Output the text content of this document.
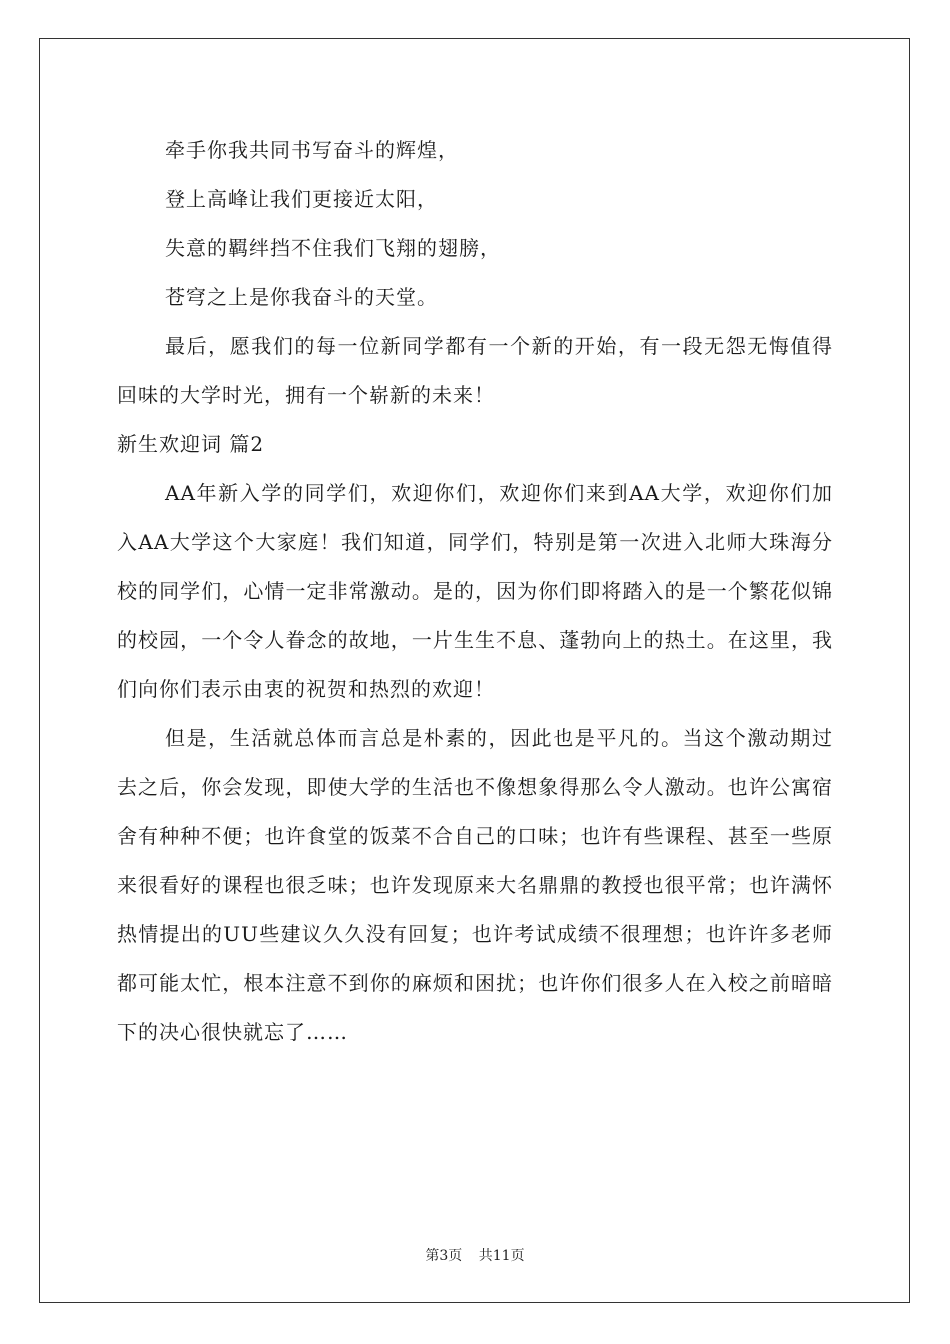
牵手你我共同书写奋斗的辉煌，

登上高峰让我们更接近太阳，

失意的羁绊挡不住我们飞翔的翅膀，

苍穹之上是你我奋斗的天堂。

最后，愿我们的每一位新同学都有一个新的开始，有一段无怨无悔值得回味的大学时光，拥有一个崭新的未来！

新生欢迎词 篇2

AA年新入学的同学们，欢迎你们，欢迎你们来到AA大学，欢迎你们加入AA大学这个大家庭！我们知道，同学们，特别是第一次进入北师大珠海分校的同学们，心情一定非常激动。是的，因为你们即将踏入的是一个繁花似锦的校园，一个令人眷念的故地，一片生生不息、蓬勃向上的热土。在这里，我们向你们表示由衷的祝贺和热烈的欢迎！

但是，生活就总体而言总是朴素的，因此也是平凡的。当这个激动期过去之后，你会发现，即使大学的生活也不像想象得那么令人激动。也许公寓宿舍有种种不便；也许食堂的饭菜不合自己的口味；也许有些课程、甚至一些原来很看好的课程也很乏味；也许发现原来大名鼎鼎的教授也很平常；也许满怀热情提出的UU些建议久久没有回复；也许考试成绩不很理想；也许许多老师都可能太忙，根本注意不到你的麻烦和困扰；也许你们很多人在入校之前暗暗下的决心很快就忘了……

第3页 共11页
